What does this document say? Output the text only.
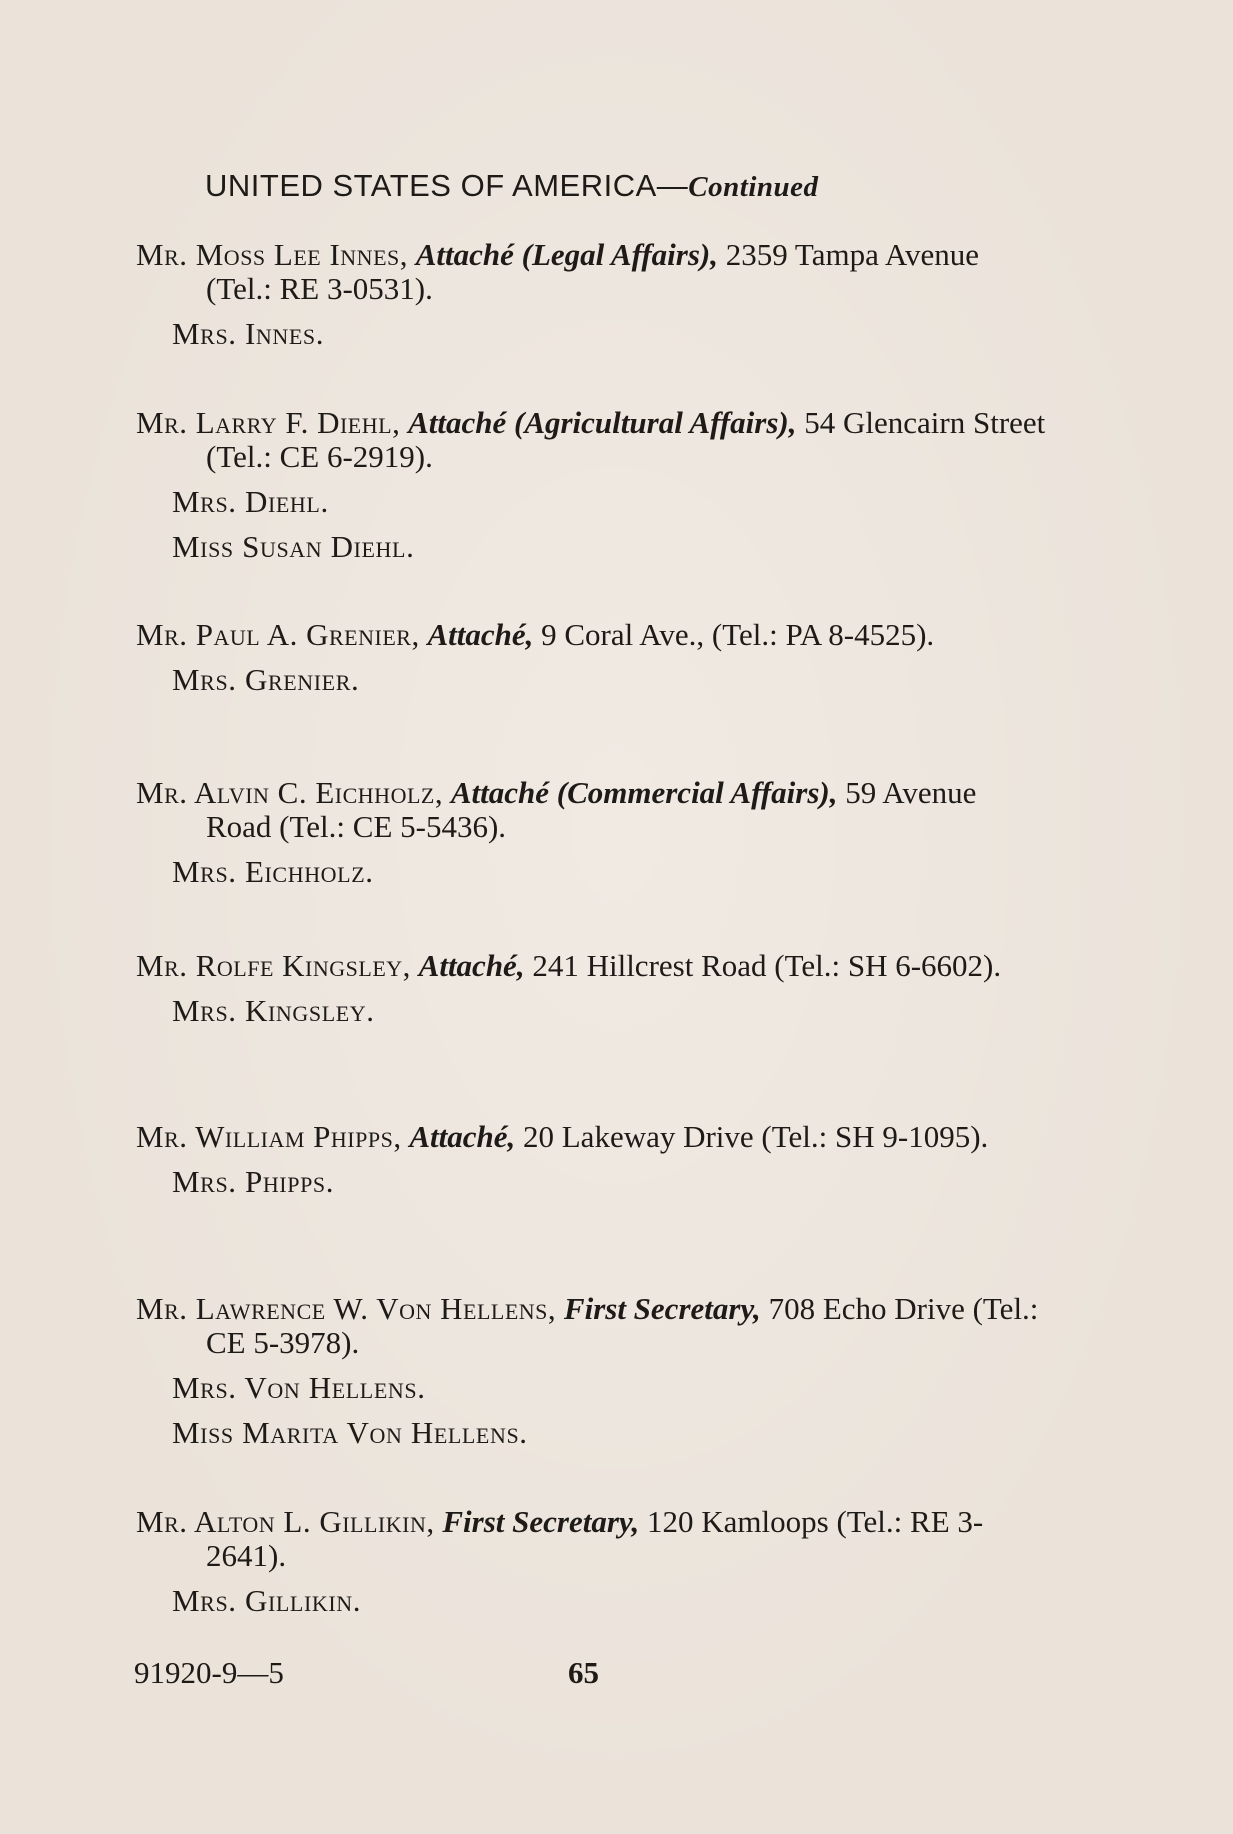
UNITED STATES OF AMERICA—Continued
Mr. Moss Lee Innes, Attaché (Legal Affairs), 2359 Tampa Avenue (Tel.: RE 3-0531).
Mrs. Innes.
Mr. Larry F. Diehl, Attaché (Agricultural Affairs), 54 Glencairn Street (Tel.: CE 6-2919).
Mrs. Diehl.
Miss Susan Diehl.
Mr. Paul A. Grenier, Attaché, 9 Coral Ave., (Tel.: PA 8-4525).
Mrs. Grenier.
Mr. Alvin C. Eichholz, Attaché (Commercial Affairs), 59 Avenue Road (Tel.: CE 5-5436).
Mrs. Eichholz.
Mr. Rolfe Kingsley, Attaché, 241 Hillcrest Road (Tel.: SH 6-6602).
Mrs. Kingsley.
Mr. William Phipps, Attaché, 20 Lakeway Drive (Tel.: SH 9-1095).
Mrs. Phipps.
Mr. Lawrence W. Von Hellens, First Secretary, 708 Echo Drive (Tel.: CE 5-3978).
Mrs. Von Hellens.
Miss Marita Von Hellens.
Mr. Alton L. Gillikin, First Secretary, 120 Kamloops (Tel.: RE 3-2641).
Mrs. Gillikin.
91920-9—5	65
